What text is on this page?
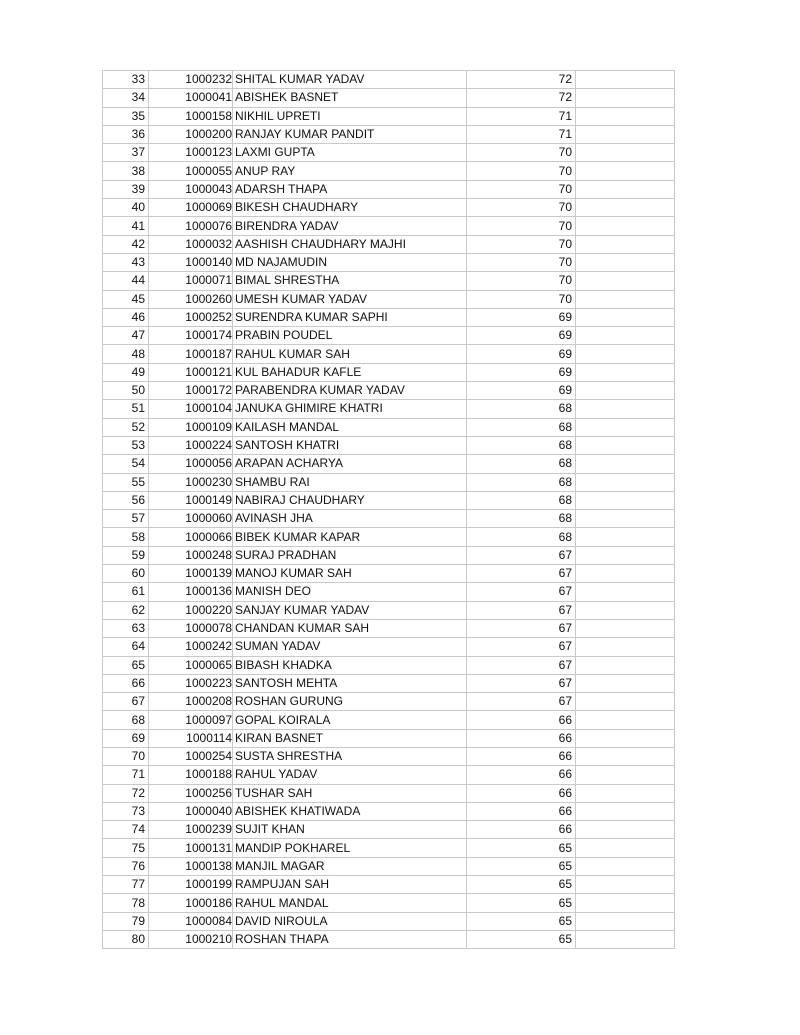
33	1000232	SHITAL KUMAR YADAV	72	
34	1000041	ABISHEK BASNET	72	
35	1000158	NIKHIL UPRETI	71	
36	1000200	RANJAY KUMAR PANDIT	71	
37	1000123	LAXMI GUPTA	70	
38	1000055	ANUP RAY	70	
39	1000043	ADARSH THAPA	70	
40	1000069	BIKESH CHAUDHARY	70	
41	1000076	BIRENDRA YADAV	70	
42	1000032	AASHISH CHAUDHARY MAJHI	70	
43	1000140	MD NAJAMUDIN	70	
44	1000071	BIMAL SHRESTHA	70	
45	1000260	UMESH KUMAR YADAV	70	
46	1000252	SURENDRA KUMAR SAPHI	69	
47	1000174	PRABIN POUDEL	69	
48	1000187	RAHUL KUMAR SAH	69	
49	1000121	KUL BAHADUR KAFLE	69	
50	1000172	PARABENDRA KUMAR YADAV	69	
51	1000104	JANUKA GHIMIRE KHATRI	68	
52	1000109	KAILASH MANDAL	68	
53	1000224	SANTOSH KHATRI	68	
54	1000056	ARAPAN ACHARYA	68	
55	1000230	SHAMBU RAI	68	
56	1000149	NABIRAJ CHAUDHARY	68	
57	1000060	AVINASH JHA	68	
58	1000066	BIBEK KUMAR KAPAR	68	
59	1000248	SURAJ PRADHAN	67	
60	1000139	MANOJ KUMAR SAH	67	
61	1000136	MANISH DEO	67	
62	1000220	SANJAY KUMAR YADAV	67	
63	1000078	CHANDAN KUMAR SAH	67	
64	1000242	SUMAN YADAV	67	
65	1000065	BIBASH KHADKA	67	
66	1000223	SANTOSH MEHTA	67	
67	1000208	ROSHAN GURUNG	67	
68	1000097	GOPAL KOIRALA	66	
69	1000114	KIRAN BASNET	66	
70	1000254	SUSTA SHRESTHA	66	
71	1000188	RAHUL YADAV	66	
72	1000256	TUSHAR SAH	66	
73	1000040	ABISHEK KHATIWADA	66	
74	1000239	SUJIT KHAN	66	
75	1000131	MANDIP POKHAREL	65	
76	1000138	MANJIL MAGAR	65	
77	1000199	RAMPUJAN SAH	65	
78	1000186	RAHUL MANDAL	65	
79	1000084	DAVID NIROULA	65	
80	1000210	ROSHAN THAPA	65	
